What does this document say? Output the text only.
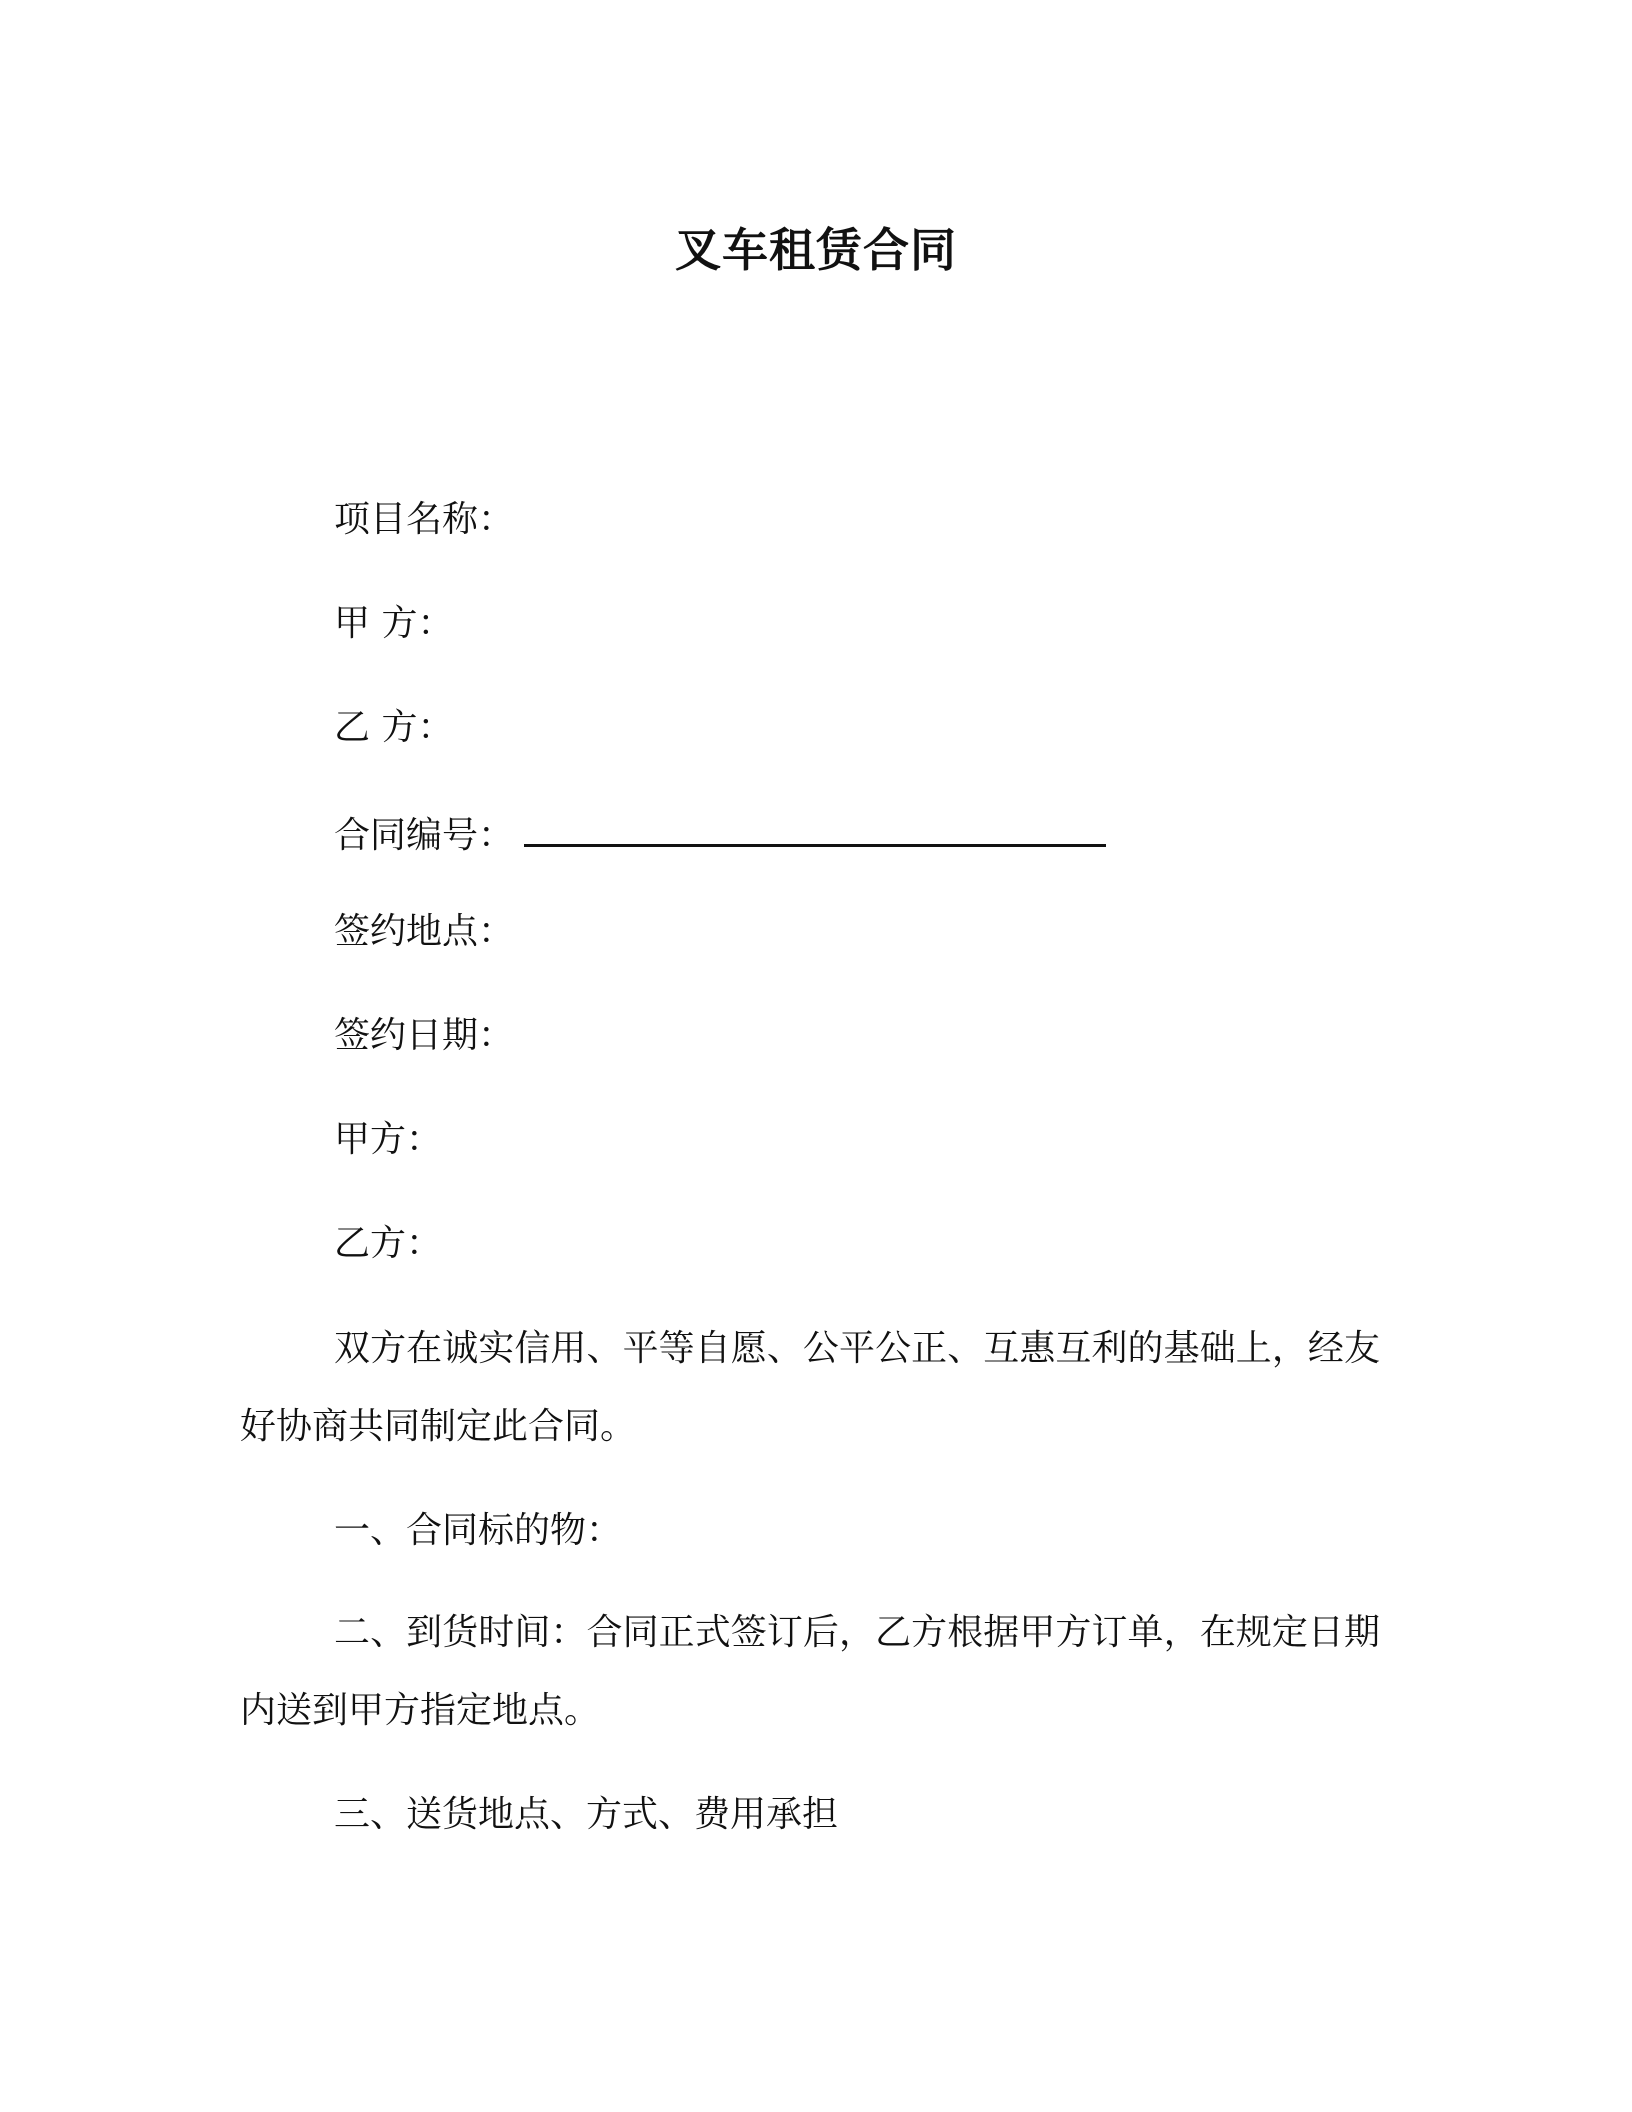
叉车租赁合同
项目名称：
甲 方：
乙 方：
合同编号：
签约地点：
签约日期：
甲方：
乙方：
双方在诚实信用、平等自愿、公平公正、互惠互利的基础上，经友好协商共同制定此合同。
一、合同标的物：
二、到货时间：合同正式签订后，乙方根据甲方订单，在规定日期内送到甲方指定地点。
三、送货地点、方式、费用承担
